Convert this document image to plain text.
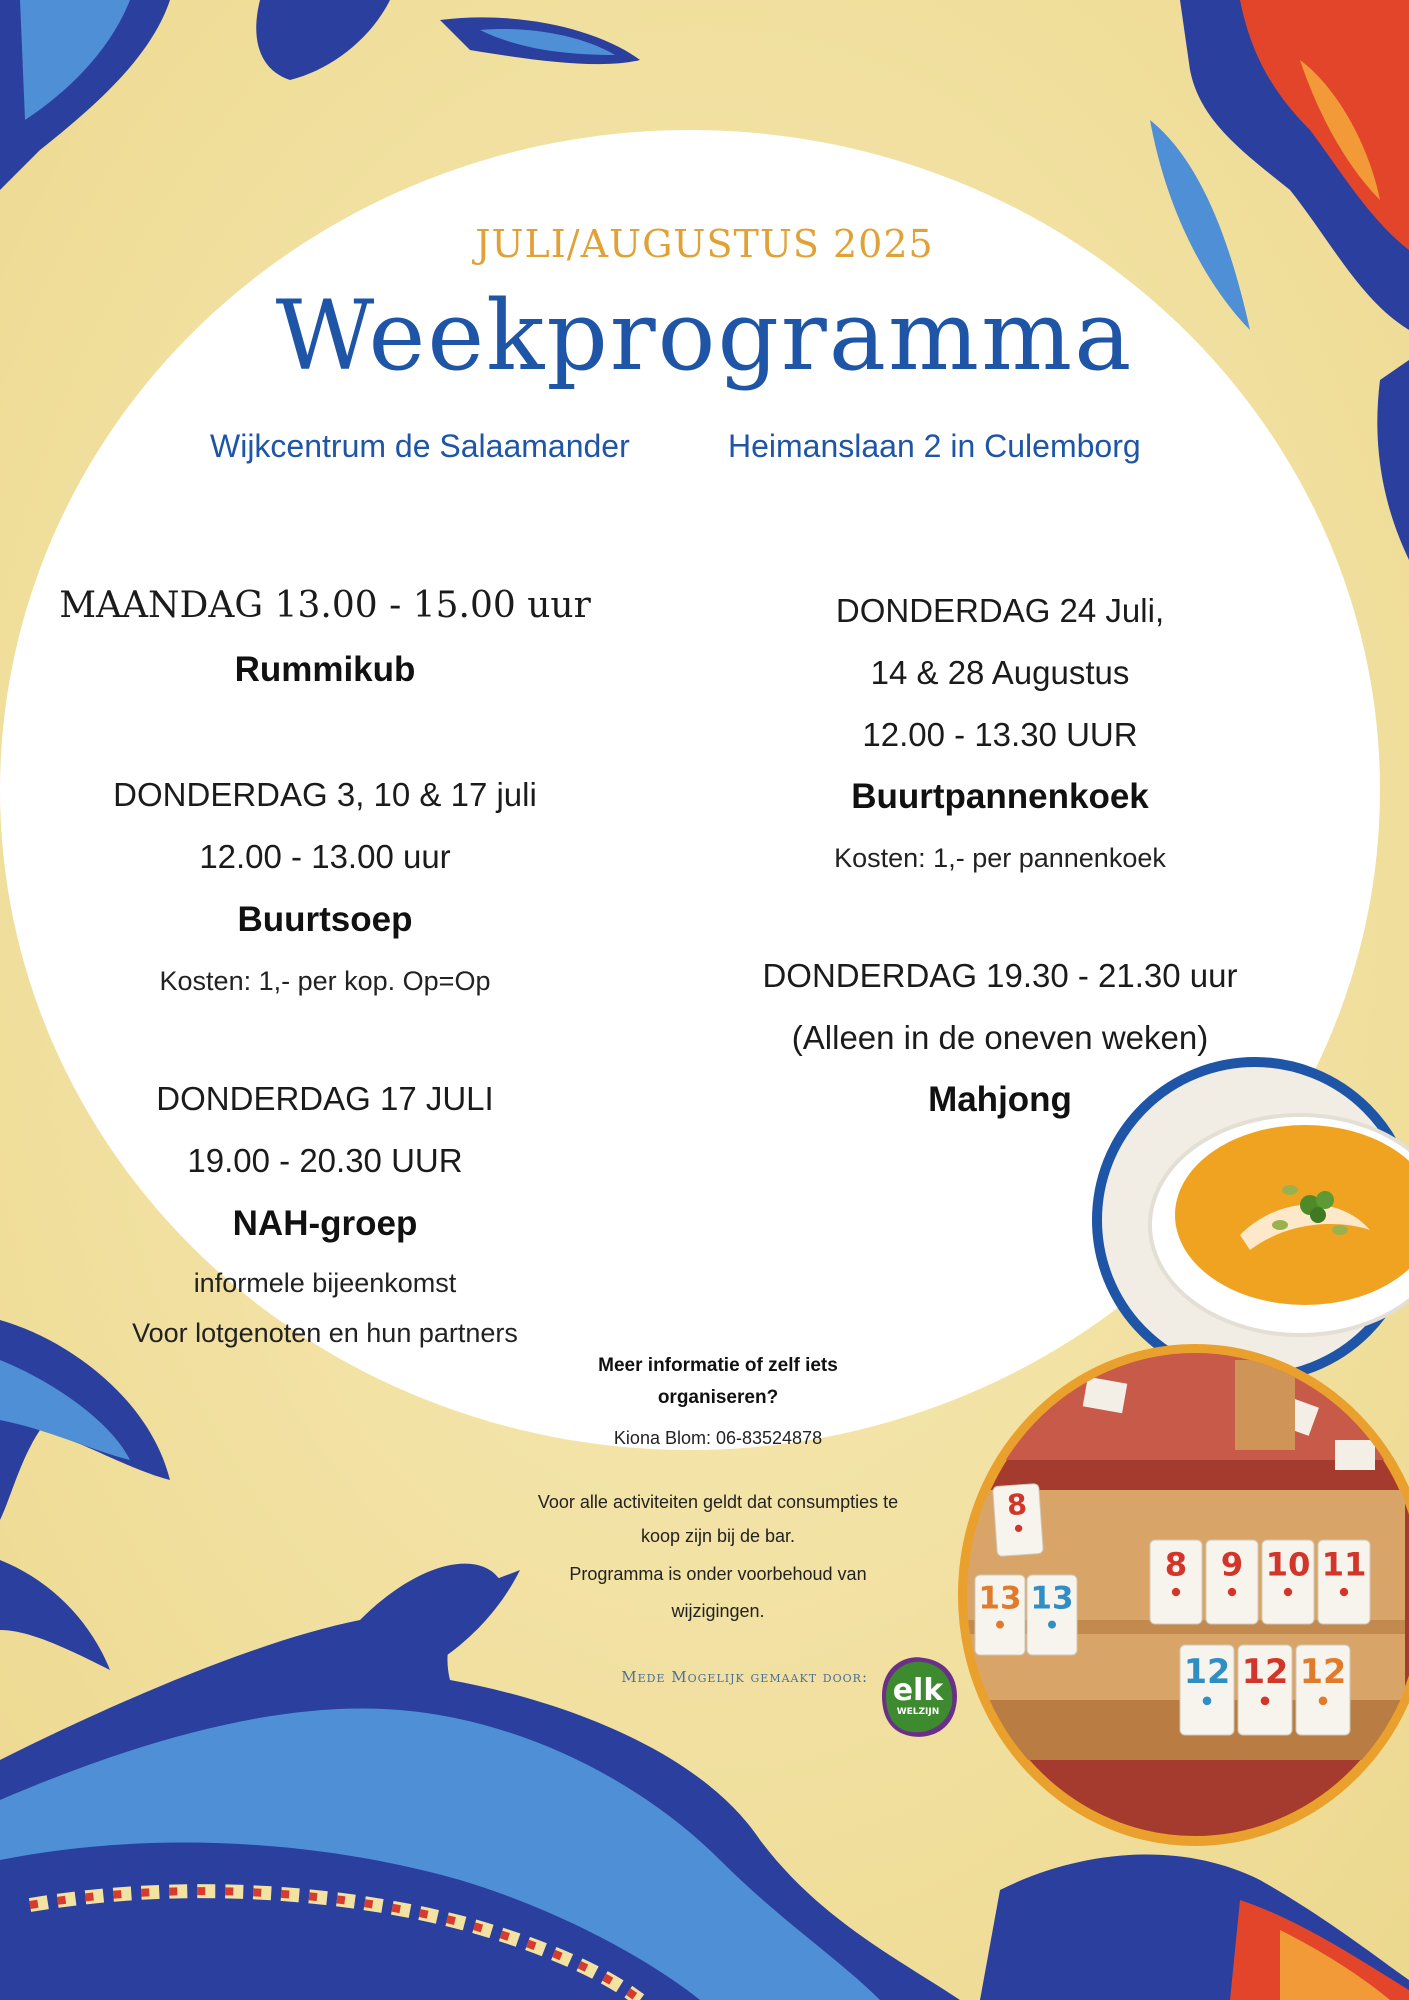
8
8 9 10 11
13 13
12 12 12
elk
WELZIJN
JULI/AUGUSTUS 2025
Weekprogramma
Wijkcentrum de Salaamander	Heimanslaan 2 in Culemborg
MAANDAG 13.00 - 15.00 uur
Rummikub
DONDERDAG 3, 10 & 17 juli
12.00 - 13.00 uur
Buurtsoep
Kosten: 1,- per kop. Op=Op
DONDERDAG 17 JULI
19.00 - 20.30 UUR
NAH-groep
informele bijeenkomst
Voor lotgenoten en hun partners
DONDERDAG 24 Juli,
14 & 28 Augustus
12.00 - 13.30 UUR
Buurtpannenkoek
Kosten: 1,- per pannenkoek
DONDERDAG 19.30 - 21.30 uur
(Alleen in de oneven weken)
Mahjong
Meer informatie of zelf iets
organiseren?
Kiona Blom: 06-83524878
Voor alle activiteiten geldt dat consumpties te
koop zijn bij de bar.
Programma is onder voorbehoud van
wijzigingen.
Mede Mogelijk gemaakt door:
